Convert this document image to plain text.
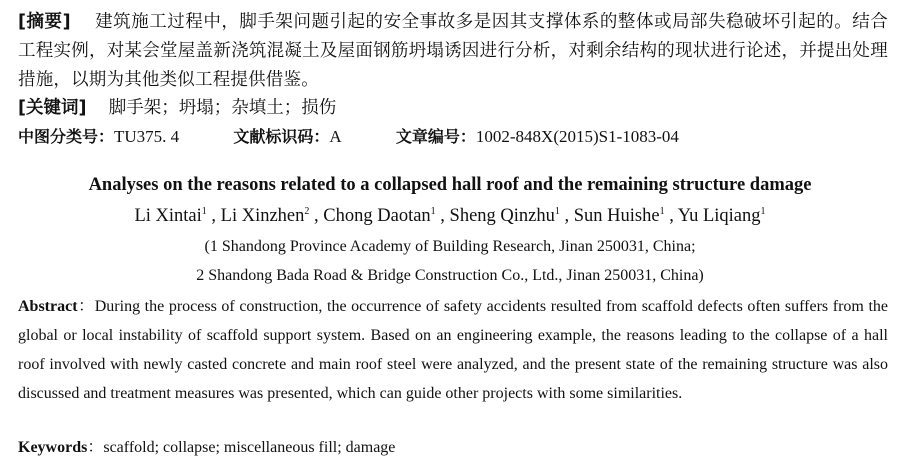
[摘要] 建筑施工过程中，脚手架问题引起的安全事故多是因其支撑体系的整体或局部失稳破坏引起的。结合工程实例，对某会堂屋盖新浇筑混凝土及屋面钢筋坍塌诱因进行分析，对剩余结构的现状进行论述，并提出处理措施，以期为其他类似工程提供借鉴。
[关键词] 脚手架；坍塌；杂填土；损伤
中图分类号：TU375. 4	文献标识码：A	文章编号：1002-848X(2015)S1-1083-04
Analyses on the reasons related to a collapsed hall roof and the remaining structure damage
Li Xintai$^1$ , Li Xinzhen$^2$ , Chong Daotan$^1$ , Sheng Qinzhu$^1$ , Sun Huishe$^1$ , Yu Liqiang$^1$
(1 Shandong Province Academy of Building Research, Jinan 250031, China;
2 Shandong Bada Road & Bridge Construction Co., Ltd., Jinan 250031, China)
Abstract：During the process of construction, the occurrence of safety accidents resulted from scaffold defects often suffers from the global or local instability of scaffold support system. Based on an engineering example, the reasons leading to the collapse of a hall roof involved with newly casted concrete and main roof steel were analyzed, and the present state of the remaining structure was also discussed and treatment measures was presented, which can guide other projects with some similarities.
Keywords：scaffold; collapse; miscellaneous fill; damage
